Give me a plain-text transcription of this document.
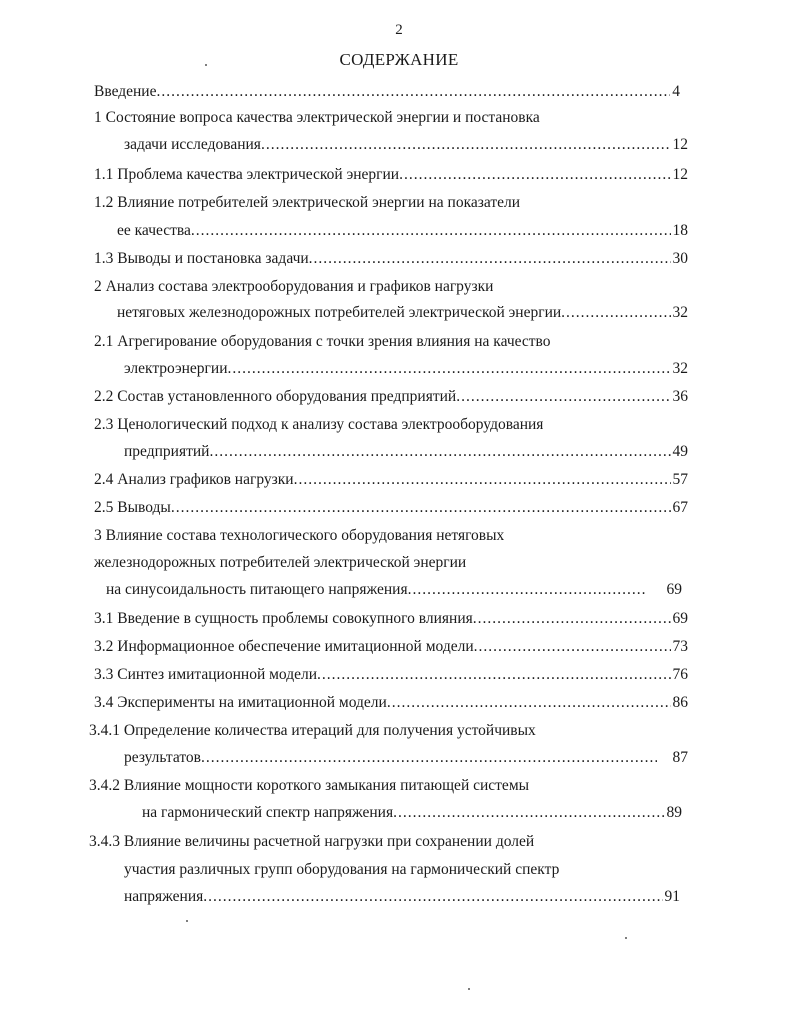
2
СОДЕРЖАНИЕ
Введение .....	4
1 Состояние вопроса качества электрической энергии и постановка
задачи исследования .....	12
1.1 Проблема качества электрической энергии .....	12
1.2 Влияние потребителей электрической энергии на показатели
ее качества .....	18
1.3 Выводы и постановка задачи .....	30
2 Анализ состава электрооборудования и графиков нагрузки
нетяговых железнодорожных потребителей электрической энергии .....	32
2.1 Агрегирование оборудования с точки зрения влияния на качество
электроэнергии .....	32
2.2 Состав установленного оборудования предприятий .....	36
2.3 Ценологический подход к анализу состава электрооборудования
предприятий .....	49
2.4 Анализ графиков нагрузки .....	57
2.5 Выводы .....	67
3 Влияние состава технологического оборудования нетяговых
железнодорожных потребителей электрической энергии
на синусоидальность питающего напряжения .....	69
3.1 Введение в сущность проблемы совокупного влияния .....	69
3.2 Информационное обеспечение имитационной модели .....	73
3.3 Синтез имитационной модели .....	76
3.4 Эксперименты на имитационной модели .....	86
3.4.1 Определение количества итераций для получения устойчивых
результатов .....	87
3.4.2 Влияние мощности короткого замыкания питающей системы
на гармонический спектр напряжения .....	89
3.4.3 Влияние величины расчетной нагрузки при сохранении долей
участия различных групп оборудования на гармонический спектр
напряжения .....	91
